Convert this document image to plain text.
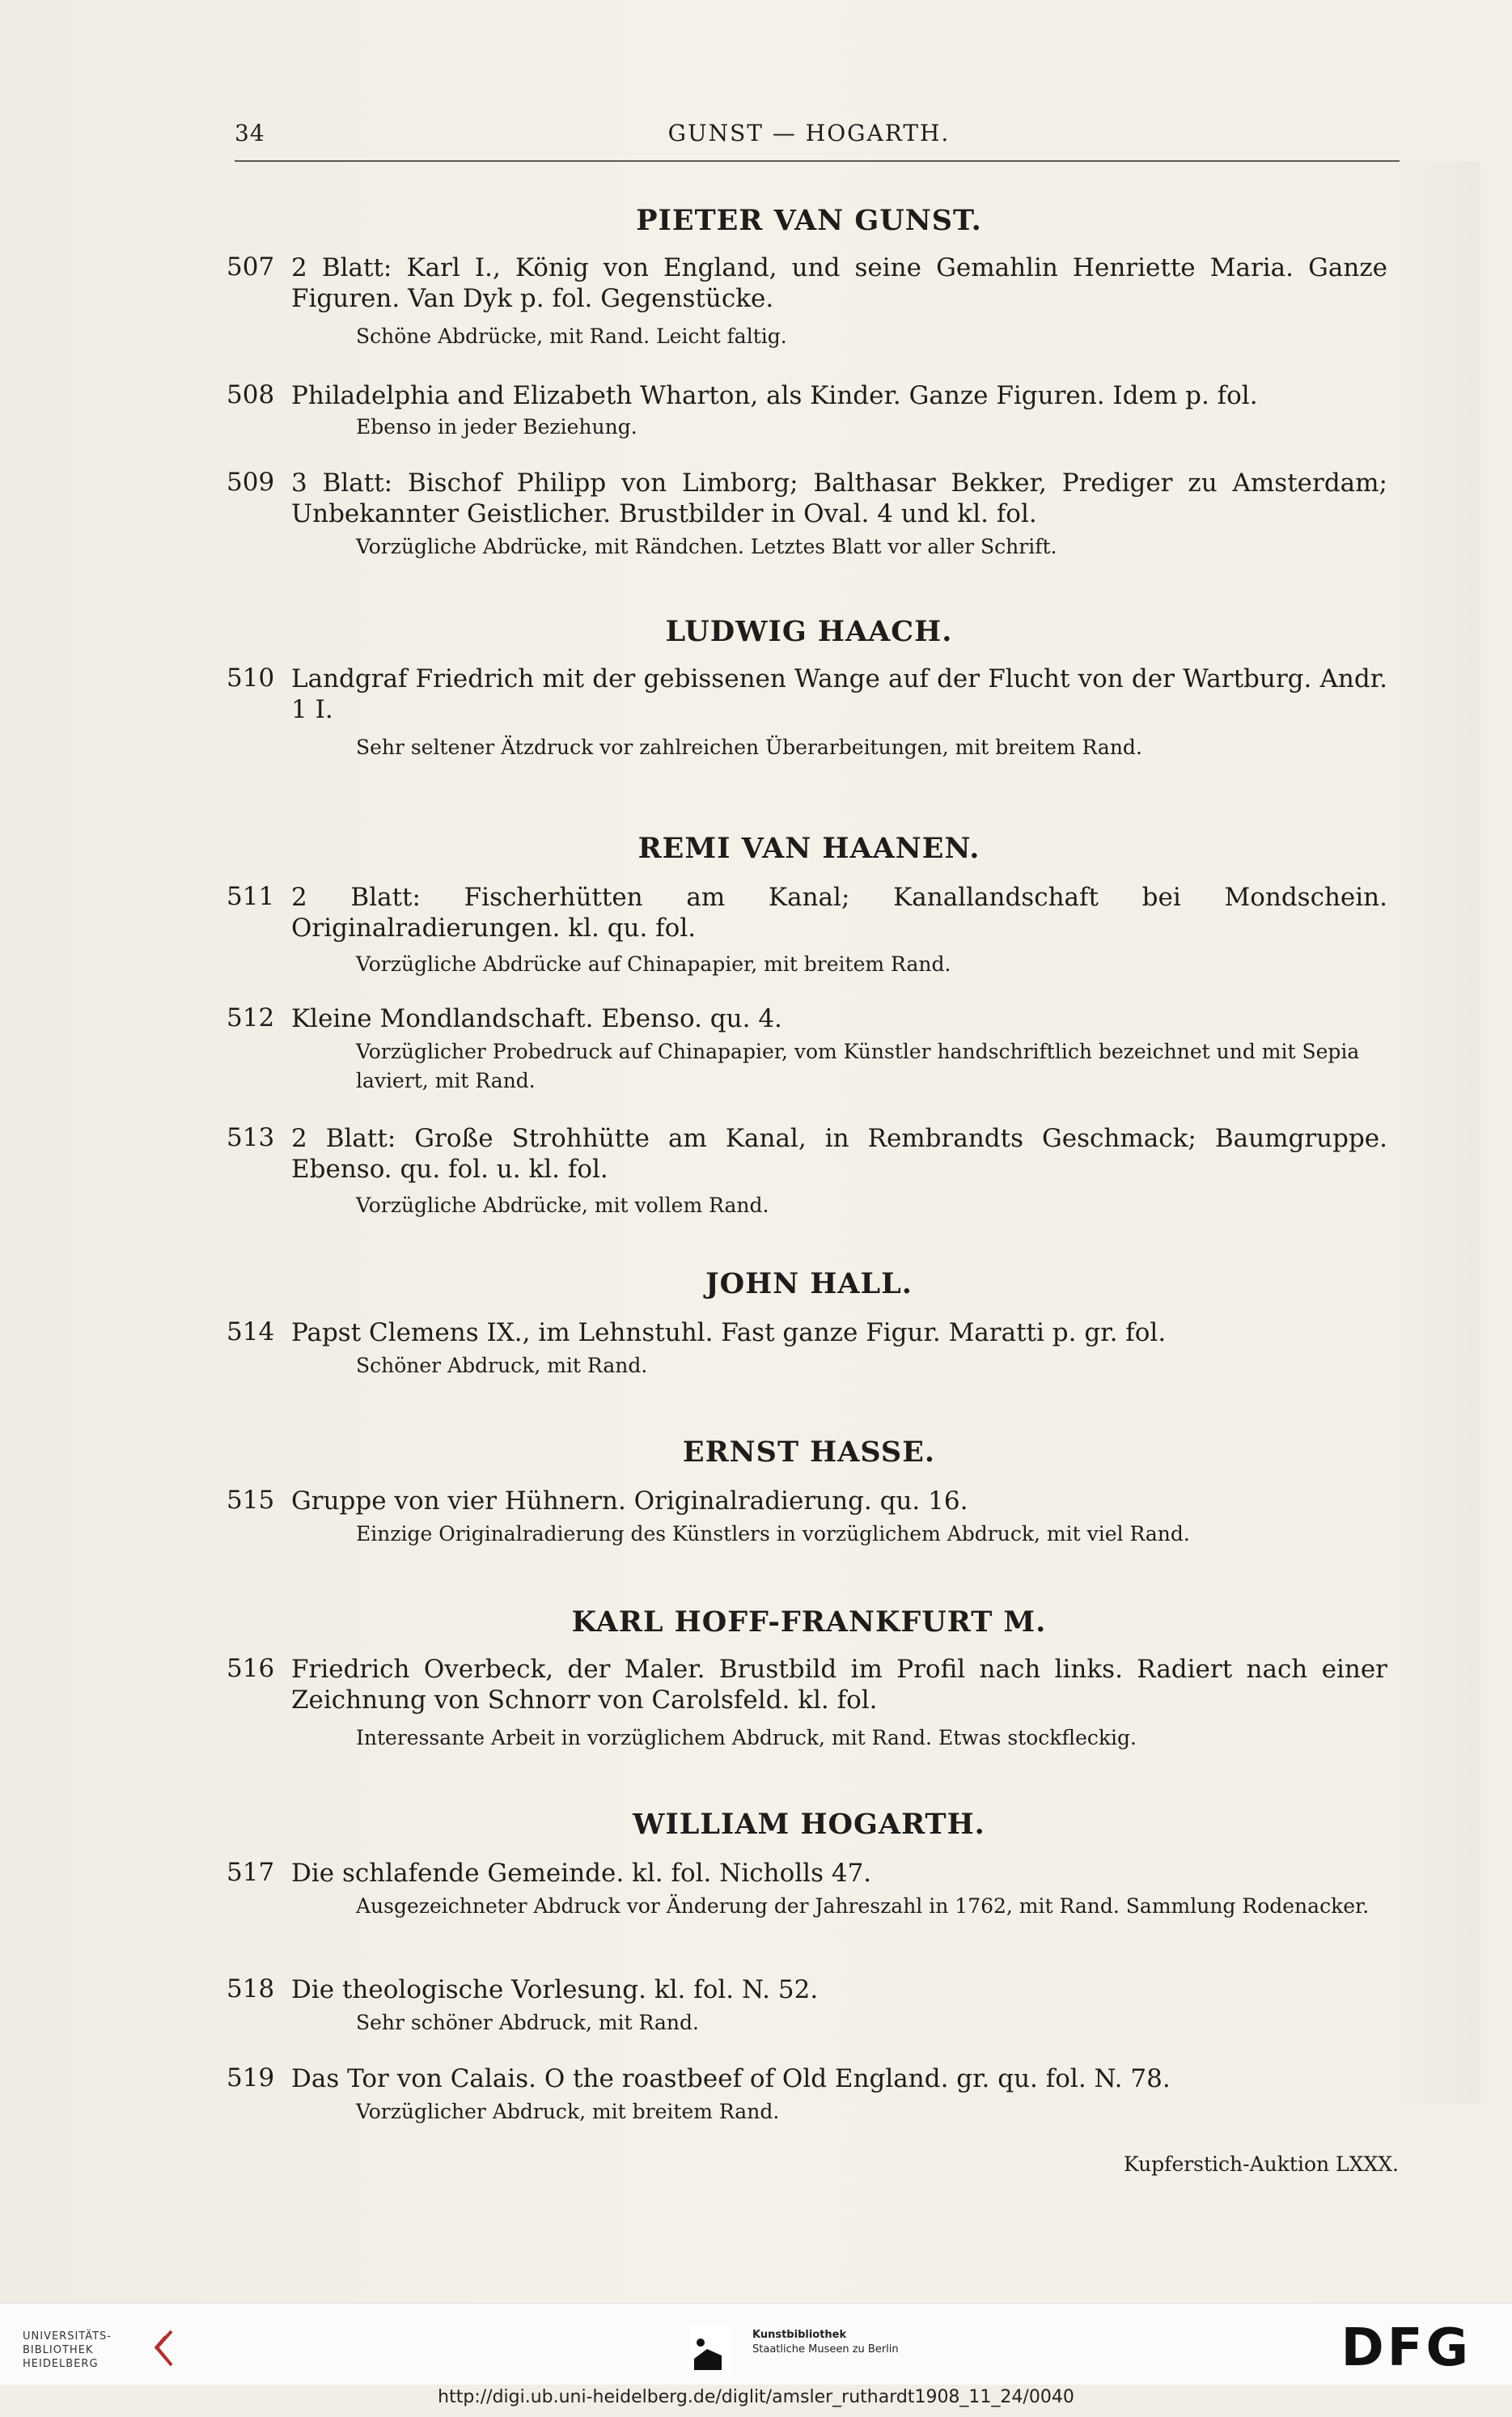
34	GUNST — HOGARTH.
PIETER VAN GUNST.
507 2 Blatt: Karl I., König von England, und seine Gemahlin Henriette Maria. Ganze Figuren. Van Dyk p. fol. Gegenstücke.
Schöne Abdrücke, mit Rand. Leicht faltig.
508 Philadelphia and Elizabeth Wharton, als Kinder. Ganze Figuren. Idem p. fol.
Ebenso in jeder Beziehung.
509 3 Blatt: Bischof Philipp von Limborg; Balthasar Bekker, Prediger zu Amsterdam; Unbekannter Geistlicher. Brustbilder in Oval. 4 und kl. fol.
Vorzügliche Abdrücke, mit Rändchen. Letztes Blatt vor aller Schrift.
LUDWIG HAACH.
510 Landgraf Friedrich mit der gebissenen Wange auf der Flucht von der Wartburg. Andr. 1 I.
Sehr seltener Ätzdruck vor zahlreichen Überarbeitungen, mit breitem Rand.
REMI VAN HAANEN.
511 2 Blatt: Fischerhütten am Kanal; Kanallandschaft bei Mondschein. Originalradierungen. kl. qu. fol.
Vorzügliche Abdrücke auf Chinapapier, mit breitem Rand.
512 Kleine Mondlandschaft. Ebenso. qu. 4.
Vorzüglicher Probedruck auf Chinapapier, vom Künstler handschriftlich bezeichnet und mit Sepia laviert, mit Rand.
513 2 Blatt: Große Strohhütte am Kanal, in Rembrandts Geschmack; Baumgruppe. Ebenso. qu. fol. u. kl. fol.
Vorzügliche Abdrücke, mit vollem Rand.
JOHN HALL.
514 Papst Clemens IX., im Lehnstuhl. Fast ganze Figur. Maratti p. gr. fol.
Schöner Abdruck, mit Rand.
ERNST HASSE.
515 Gruppe von vier Hühnern. Originalradierung. qu. 16.
Einzige Originalradierung des Künstlers in vorzüglichem Abdruck, mit viel Rand.
KARL HOFF-FRANKFURT M.
516 Friedrich Overbeck, der Maler. Brustbild im Profil nach links. Radiert nach einer Zeichnung von Schnorr von Carolsfeld. kl. fol.
Interessante Arbeit in vorzüglichem Abdruck, mit Rand. Etwas stockfleckig.
WILLIAM HOGARTH.
517 Die schlafende Gemeinde. kl. fol. Nicholls 47.
Ausgezeichneter Abdruck vor Änderung der Jahreszahl in 1762, mit Rand. Sammlung Rodenacker.
518 Die theologische Vorlesung. kl. fol. N. 52.
Sehr schöner Abdruck, mit Rand.
519 Das Tor von Calais. O the roastbeef of Old England. gr. qu. fol. N. 78.
Vorzüglicher Abdruck, mit breitem Rand.
Kupferstich-Auktion LXXX.
UNIVERSITÄTS-
BIBLIOTHEK
HEIDELBERG
Kunstbibliothek
Staatliche Museen zu Berlin	DFG
http://digi.ub.uni-heidelberg.de/diglit/amsler_ruthardt1908_11_24/0040
